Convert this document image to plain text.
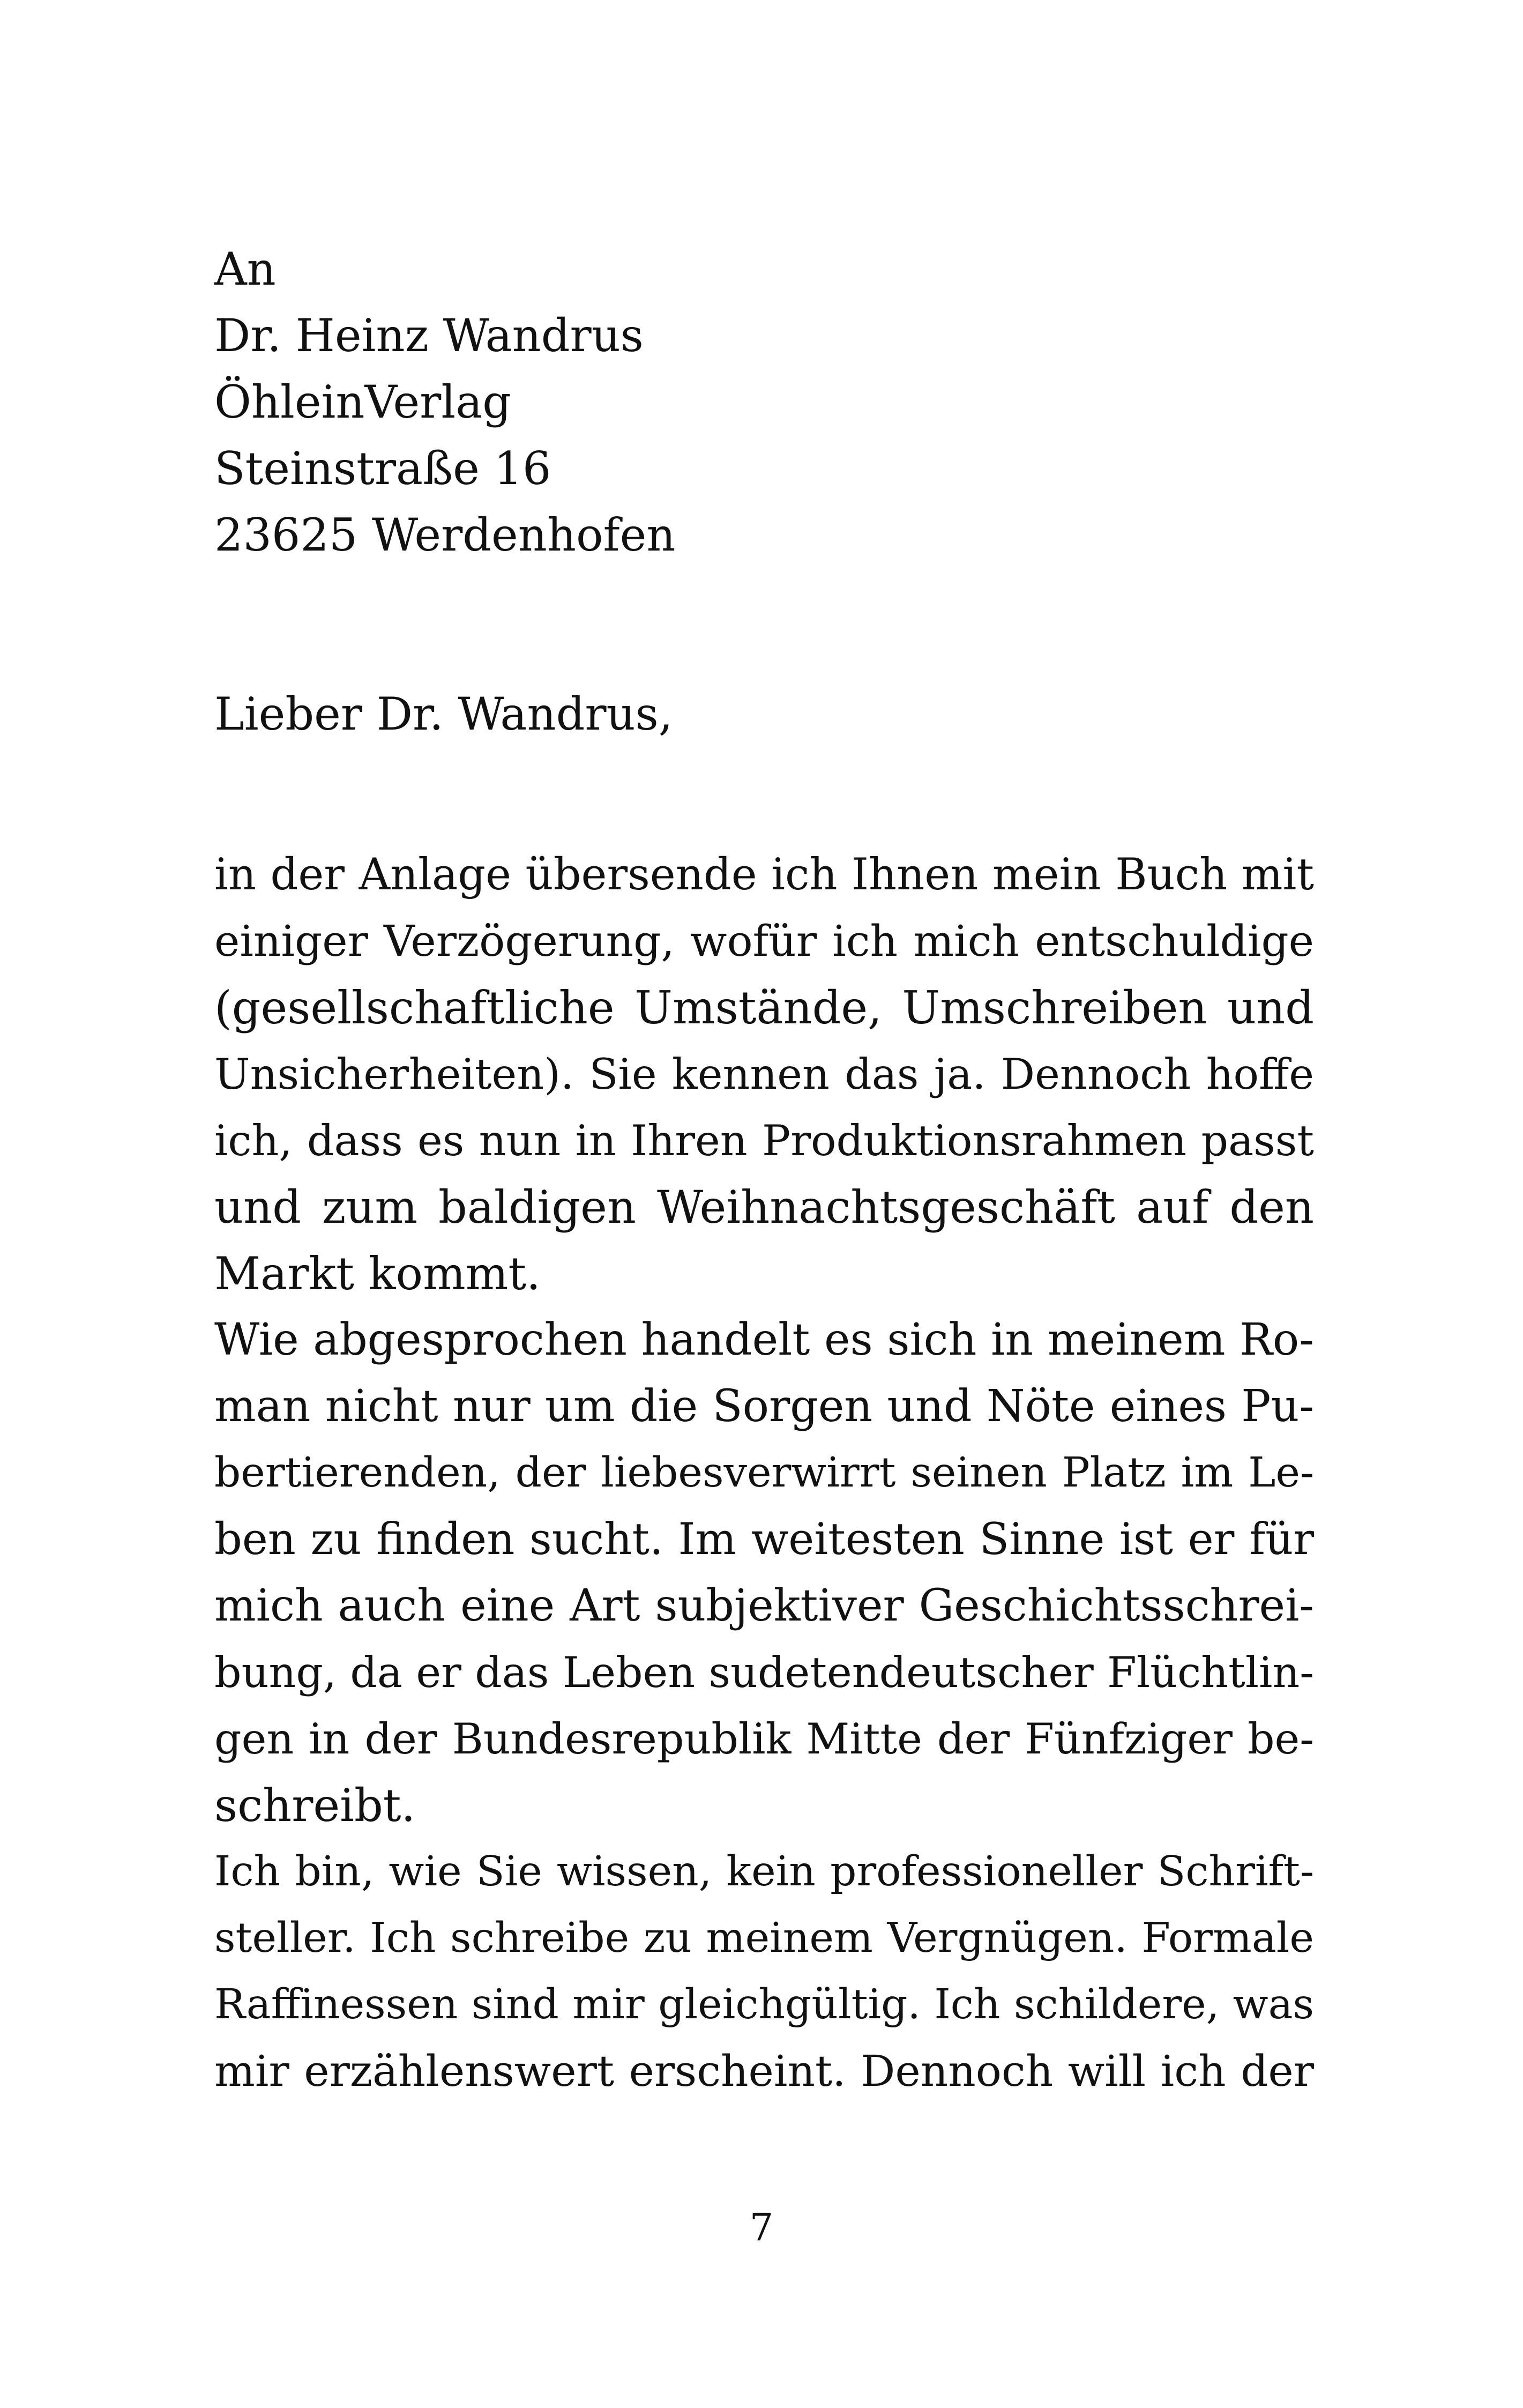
An
Dr. Heinz Wandrus
ÖhleinVerlag
Steinstraße 16
23625 Werdenhofen
Lieber Dr. Wandrus,
in der Anlage übersende ich Ihnen mein Buch mit
einiger Verzögerung, wofür ich mich entschuldige
(gesellschaftliche Umstände, Umschreiben und
Unsicherheiten). Sie kennen das ja. Dennoch hoffe
ich, dass es nun in Ihren Produktionsrahmen passt
und zum baldigen Weihnachtsgeschäft auf den
Markt kommt.
Wie abgesprochen handelt es sich in meinem Ro-
man nicht nur um die Sorgen und Nöte eines Pu-
bertierenden, der liebesverwirrt seinen Platz im Le-
ben zu finden sucht. Im weitesten Sinne ist er für
mich auch eine Art subjektiver Geschichtsschrei-
bung, da er das Leben sudetendeutscher Flüchtlin-
gen in der Bundesrepublik Mitte der Fünfziger be-
schreibt.
Ich bin, wie Sie wissen, kein professioneller Schrift-
steller. Ich schreibe zu meinem Vergnügen. Formale
Raffinessen sind mir gleichgültig. Ich schildere, was
mir erzählenswert erscheint. Dennoch will ich der
7
